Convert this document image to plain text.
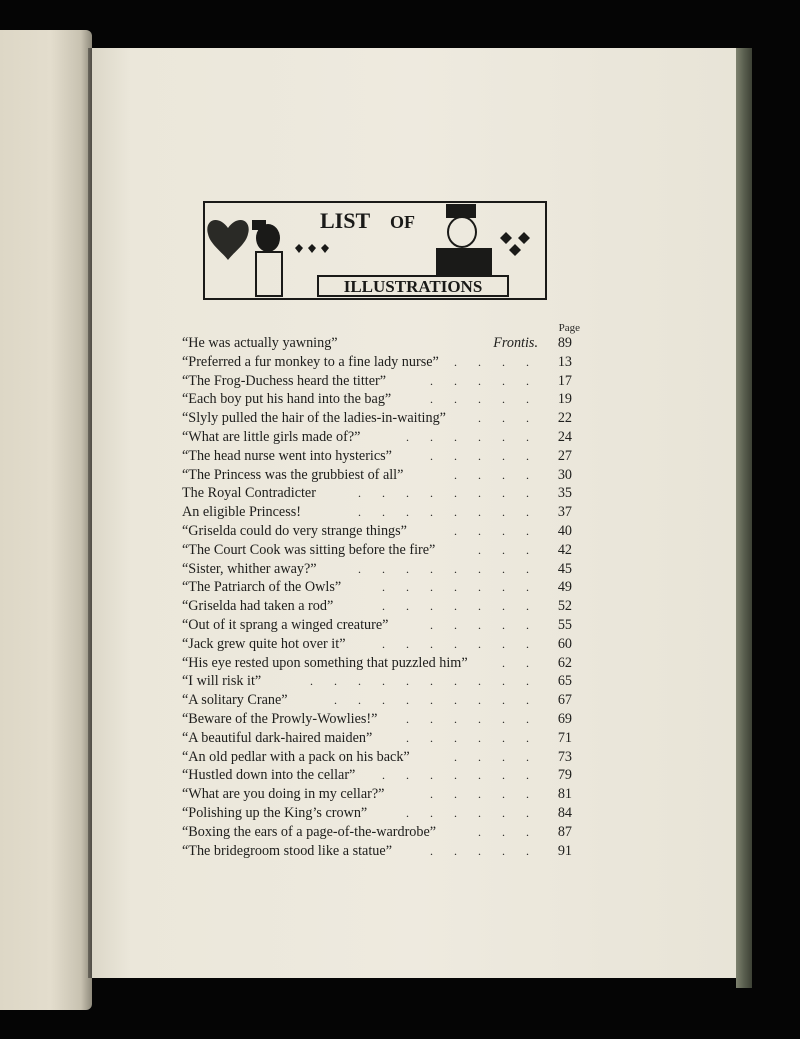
LIST OF
ILLUSTRATIONS
Page
“He was actually yawning”	Frontis.	89
“Preferred a fur monkey to a fine lady nurse” . . . .	13
“The Frog-Duchess heard the titter”	. . . . .	17
“Each boy put his hand into the bag”	. . . . .	19
“Slyly pulled the hair of the ladies-in-waiting”	. . .	22
“What are little girls made of?”	. . . . . .	24
“The head nurse went into hysterics”	. . . . .	27
“The Princess was the grubbiest of all”	. . . .	30
The Royal Contradicter	. . . . . . . .	35
An eligible Princess!	. . . . . . . .	37
“Griselda could do very strange things”	. . . .	40
“The Court Cook was sitting before the fire”	. . .	42
“Sister, whither away?”	. . . . . . . .	45
“The Patriarch of the Owls”	. . . . . . .	49
“Griselda had taken a rod”	. . . . . . .	52
“Out of it sprang a winged creature”	. . . . .	55
“Jack grew quite hot over it”	. . . . . . .	60
“His eye rested upon something that puzzled him”	. .	62
“I will risk it”	. . . . . . . . . .	65
“A solitary Crane”	. . . . . . . . .	67
“Beware of the Prowly-Wowlies!” . . . . . .	69
“A beautiful dark-haired maiden”	. . . . . .	71
“An old pedlar with a pack on his back”	. . . .	73
“Hustled down into the cellar” . . . . . . .	79
“What are you doing in my cellar?”	. . . . .	81
“Polishing up the King’s crown”	. . . . . .	84
“Boxing the ears of a page-of-the-wardrobe”	. . .	87
“The bridegroom stood like a statue”	. . . . .	91
